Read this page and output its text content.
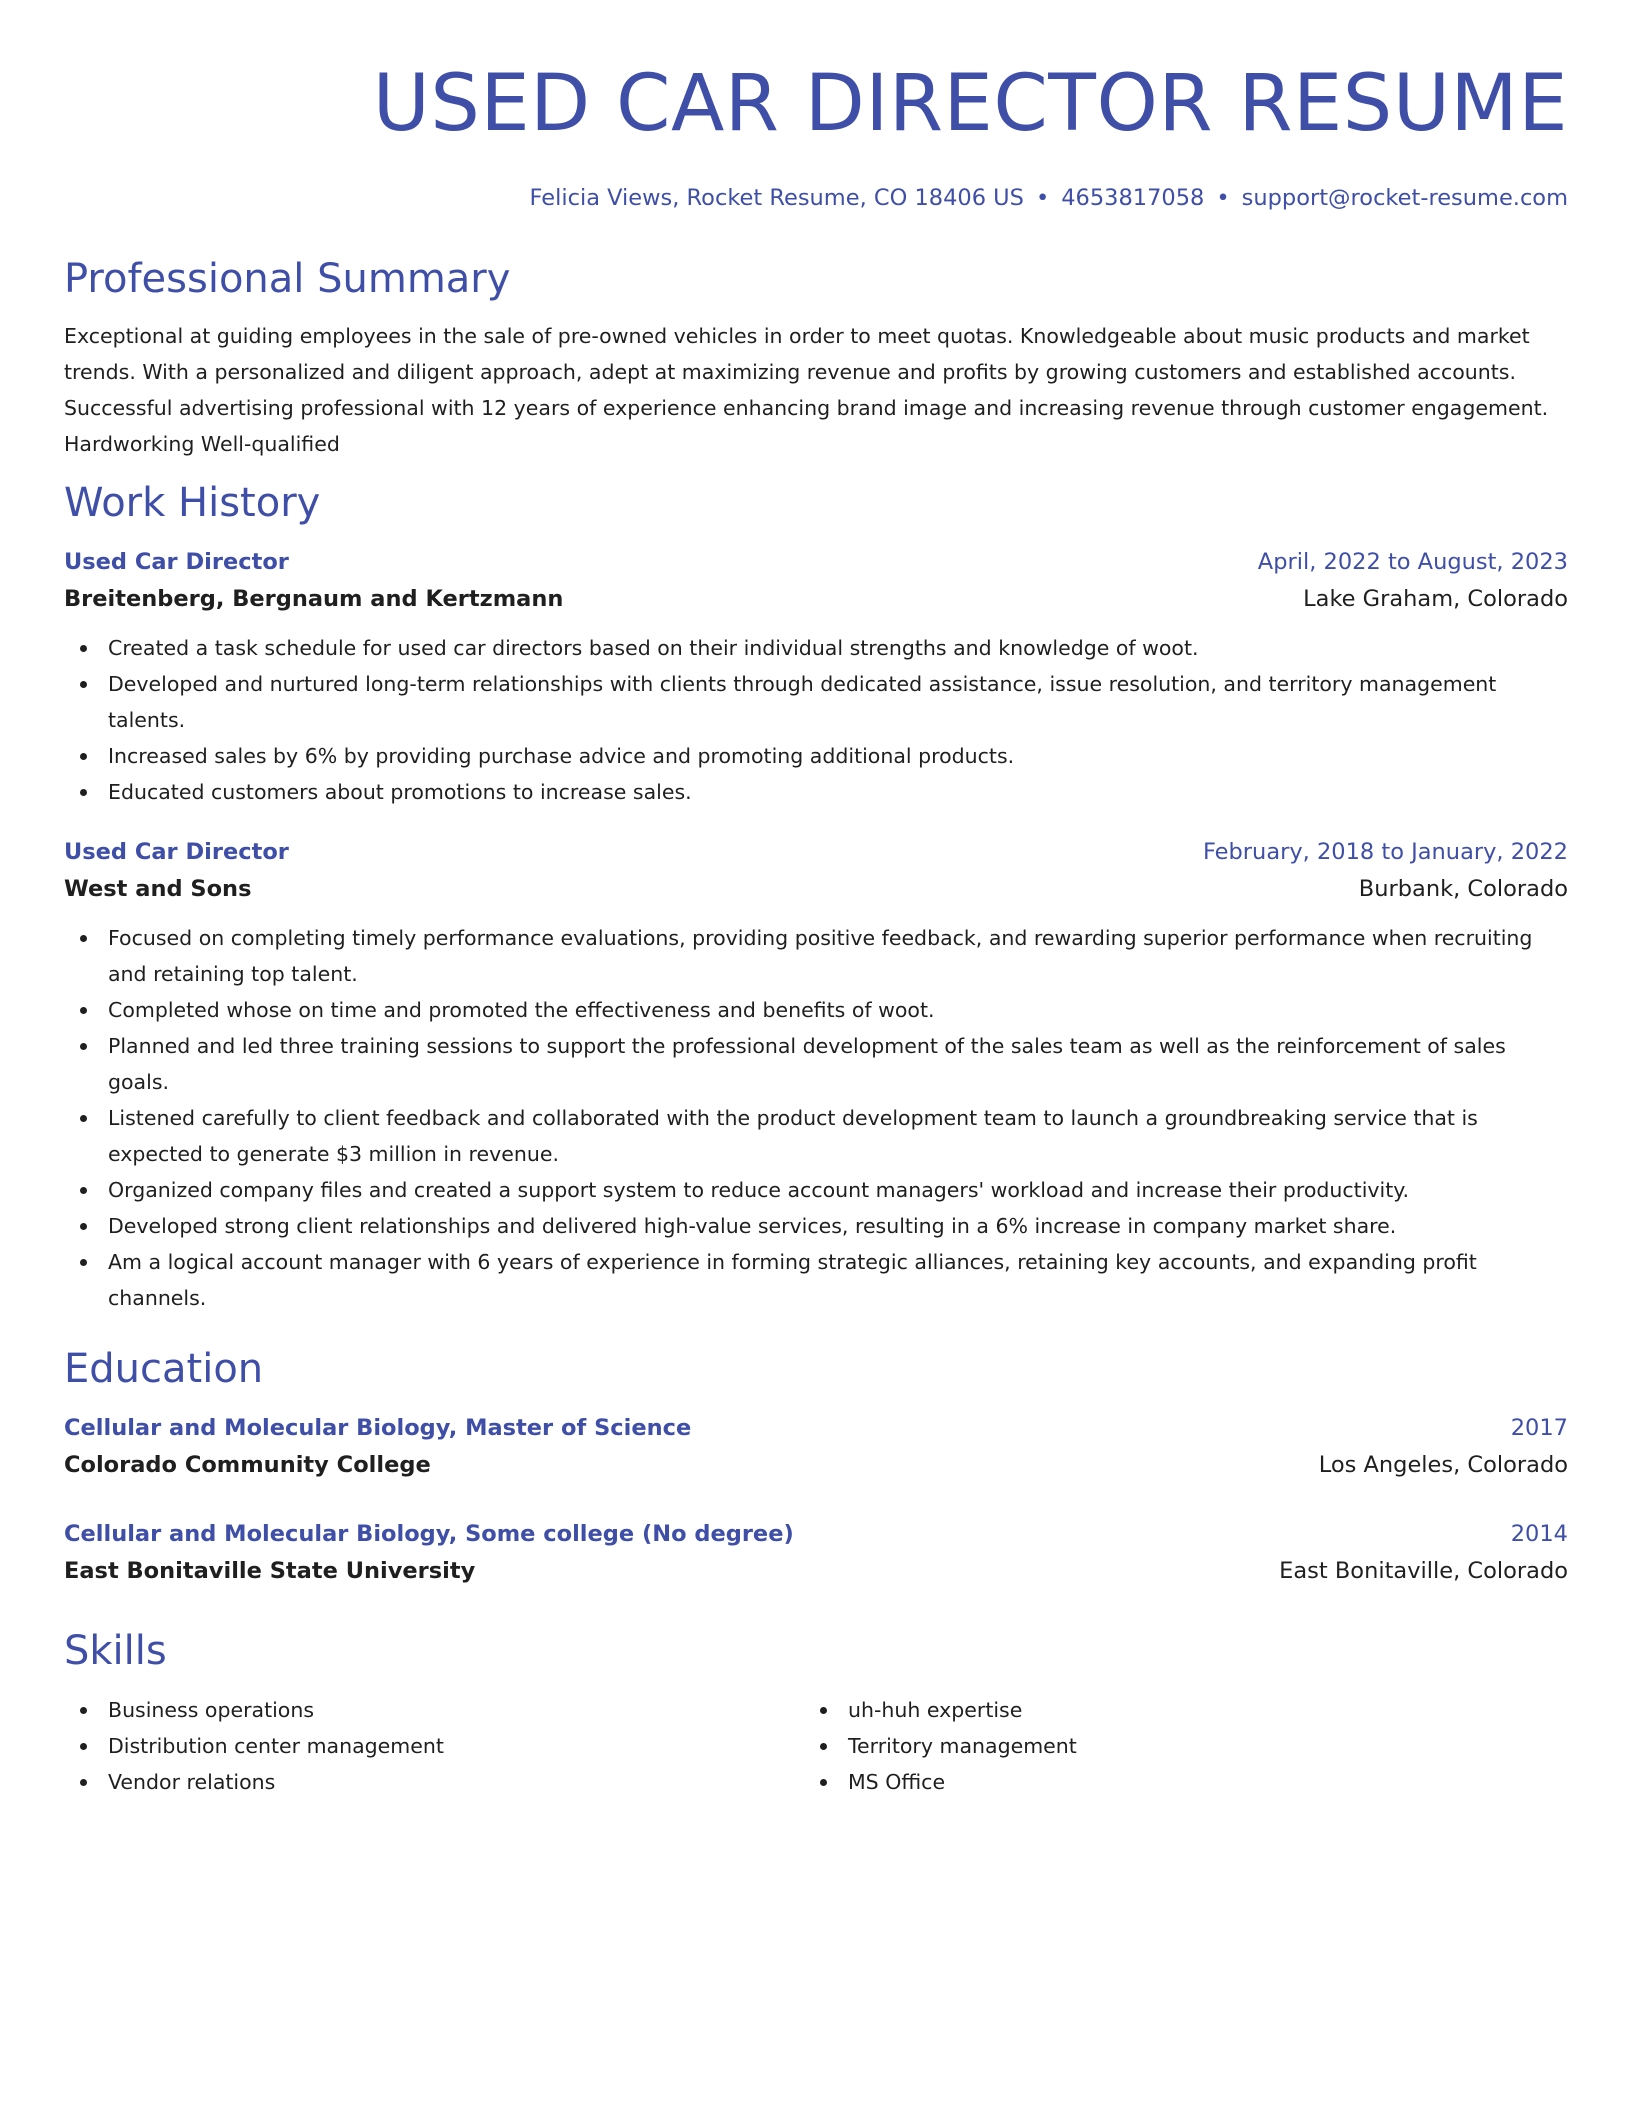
USED CAR DIRECTOR RESUME
Felicia Views, Rocket Resume, CO 18406 US • 4653817058 • support@rocket-resume.com
Professional Summary

Exceptional at guiding employees in the sale of pre-owned vehicles in order to meet quotas. Knowledgeable about music products and market trends. With a personalized and diligent approach, adept at maximizing revenue and profits by growing customers and established accounts. Successful advertising professional with 12 years of experience enhancing brand image and increasing revenue through customer engagement. Hardworking Well-qualified

Work History
Used Car Director	April, 2022 to August, 2023
Breitenberg, Bergnaum and Kertzmann	Lake Graham, Colorado
Created a task schedule for used car directors based on their individual strengths and knowledge of woot.
Developed and nurtured long-term relationships with clients through dedicated assistance, issue resolution, and territory management talents.
Increased sales by 6% by providing purchase advice and promoting additional products.
Educated customers about promotions to increase sales.
Used Car Director	February, 2018 to January, 2022
West and Sons	Burbank, Colorado
Focused on completing timely performance evaluations, providing positive feedback, and rewarding superior performance when recruiting and retaining top talent.
Completed whose on time and promoted the effectiveness and benefits of woot.
Planned and led three training sessions to support the professional development of the sales team as well as the reinforcement of sales goals.
Listened carefully to client feedback and collaborated with the product development team to launch a groundbreaking service that is expected to generate $3 million in revenue.
Organized company files and created a support system to reduce account managers' workload and increase their productivity.
Developed strong client relationships and delivered high-value services, resulting in a 6% increase in company market share.
Am a logical account manager with 6 years of experience in forming strategic alliances, retaining key accounts, and expanding profit channels.
Education
Cellular and Molecular Biology, Master of Science	2017
Colorado Community College	Los Angeles, Colorado
Cellular and Molecular Biology, Some college (No degree)	2014
East Bonitaville State University	East Bonitaville, Colorado
Skills
Business operations
Distribution center management
Vendor relations
uh-huh expertise
Territory management
MS Office
